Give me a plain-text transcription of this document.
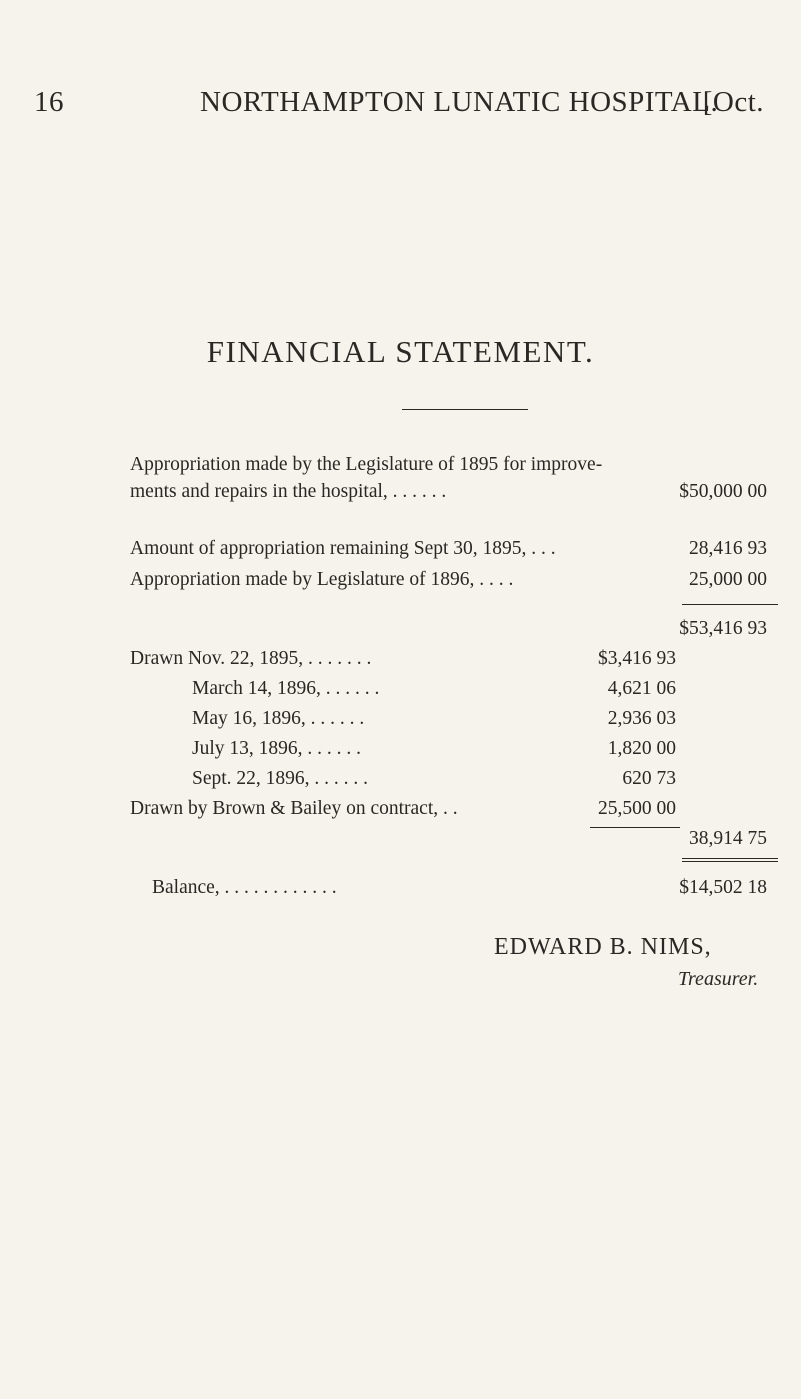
16	NORTHAMPTON LUNATIC HOSPITAL.
[Oct.
FINANCIAL STATEMENT.
Appropriation made by the Legislature of 1895 for improve-
ments and repairs in the hospital, . . . . . .	$50,000 00
Amount of appropriation remaining Sept 30, 1895, . . .	28,416 93
Appropriation made by Legislature of 1896, . . . .	25,000 00
$53,416 93
Drawn Nov. 22, 1895, . . . . . . .	$3,416 93
March 14, 1896, . . . . . .	4,621 06
May 16, 1896, . . . . . .	2,936 03
July 13, 1896, . . . . . .	1,820 00
Sept. 22, 1896, . . . . . .	620 73
Drawn by Brown & Bailey on contract, . .	25,500 00
38,914 75
Balance, . . . . . . . . . . . .	$14,502 18
EDWARD B. NIMS,
Treasurer.
